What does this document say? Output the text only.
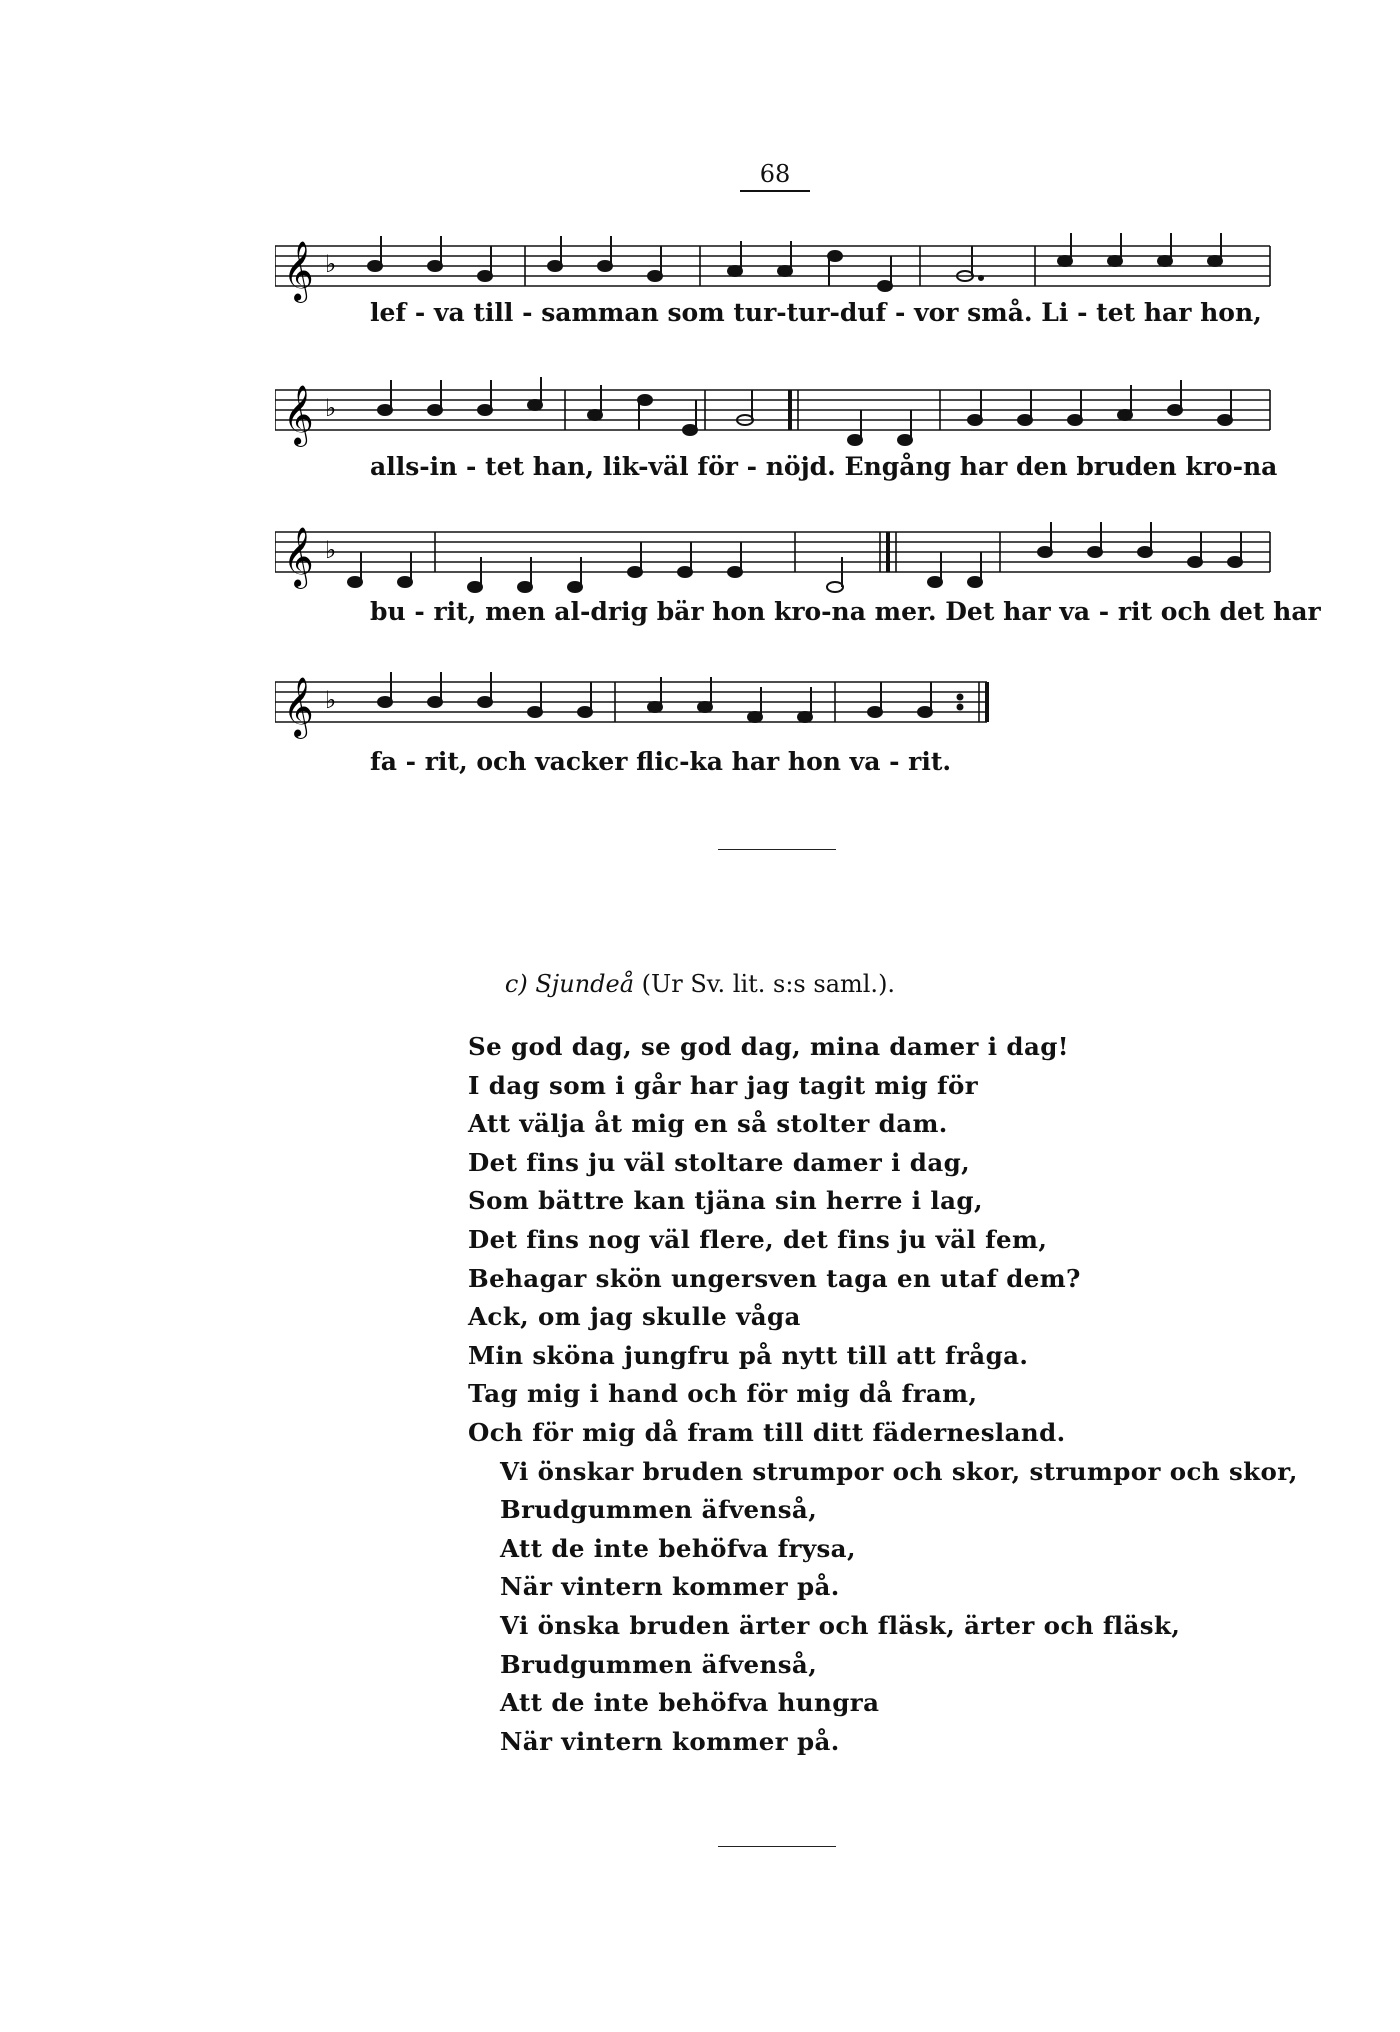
68
𝄞 ♭
lef - va till - samman som tur-tur-duf - vor små. Li - tet har hon,
𝄞 ♭
alls-in - tet han, lik-väl för - nöjd. Engång har den bruden kro-na
𝄞 ♭
bu - rit, men al-drig bär hon kro-na mer. Det har va - rit och det har
𝄞 ♭
fa - rit, och vacker flic-ka har hon va - rit.
c) Sjundeå (Ur Sv. lit. s:s saml.).
Se god dag, se god dag, mina damer i dag!
I dag som i går har jag tagit mig för
Att välja åt mig en så stolter dam.
Det fins ju väl stoltare damer i dag,
Som bättre kan tjäna sin herre i lag,
Det fins nog väl flere, det fins ju väl fem,
Behagar skön ungersven taga en utaf dem?
Ack, om jag skulle våga
Min sköna jungfru på nytt till att fråga.
Tag mig i hand och för mig då fram,
Och för mig då fram till ditt fädernesland.
Vi önskar bruden strumpor och skor, strumpor och skor,
Brudgummen äfvenså,
Att de inte behöfva frysa,
När vintern kommer på.
Vi önska bruden ärter och fläsk, ärter och fläsk,
Brudgummen äfvenså,
Att de inte behöfva hungra
När vintern kommer på.
